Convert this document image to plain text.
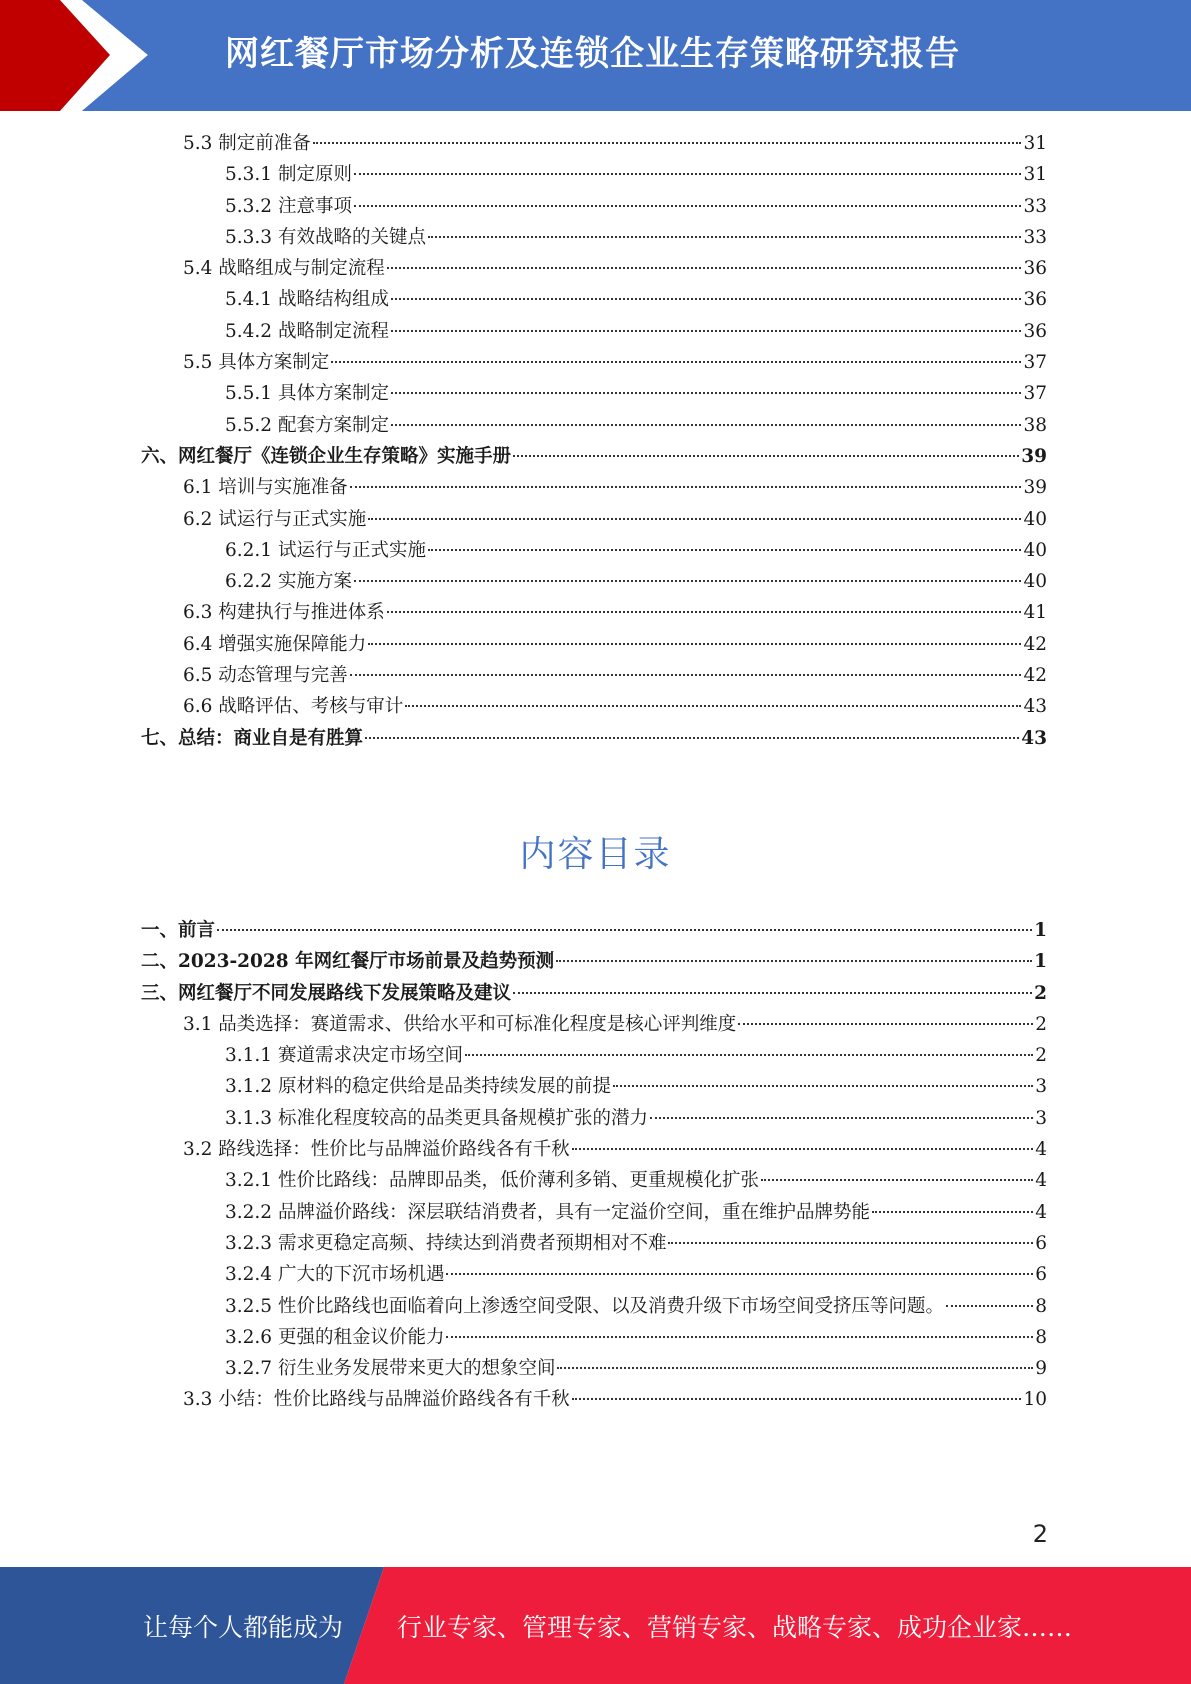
网红餐厅市场分析及连锁企业生存策略研究报告
5.3 制定前准备	31
5.3.1 制定原则	31
5.3.2 注意事项	33
5.3.3 有效战略的关键点	33
5.4 战略组成与制定流程	36
5.4.1 战略结构组成	36
5.4.2 战略制定流程	36
5.5 具体方案制定	37
5.5.1 具体方案制定	37
5.5.2 配套方案制定	38
六、网红餐厅《连锁企业生存策略》实施手册	39
6.1 培训与实施准备	39
6.2 试运行与正式实施	40
6.2.1 试运行与正式实施	40
6.2.2 实施方案	40
6.3 构建执行与推进体系	41
6.4 增强实施保障能力	42
6.5 动态管理与完善	42
6.6 战略评估、考核与审计	43
七、总结：商业自是有胜算	43
内容目录
一、前言	1
二、2023-2028 年网红餐厅市场前景及趋势预测	1
三、网红餐厅不同发展路线下发展策略及建议	2
3.1 品类选择：赛道需求、供给水平和可标准化程度是核心评判维度	2
3.1.1 赛道需求决定市场空间	2
3.1.2 原材料的稳定供给是品类持续发展的前提	3
3.1.3 标准化程度较高的品类更具备规模扩张的潜力	3
3.2 路线选择：性价比与品牌溢价路线各有千秋	4
3.2.1 性价比路线：品牌即品类，低价薄利多销、更重规模化扩张	4
3.2.2 品牌溢价路线：深层联结消费者，具有一定溢价空间，重在维护品牌势能	4
3.2.3 需求更稳定高频、持续达到消费者预期相对不难	6
3.2.4 广大的下沉市场机遇	6
3.2.5 性价比路线也面临着向上渗透空间受限、以及消费升级下市场空间受挤压等问题。	8
3.2.6 更强的租金议价能力	8
3.2.7 衍生业务发展带来更大的想象空间	9
3.3 小结：性价比路线与品牌溢价路线各有千秋	10
2
让每个人都能成为 行业专家、管理专家、营销专家、战略专家、成功企业家……
